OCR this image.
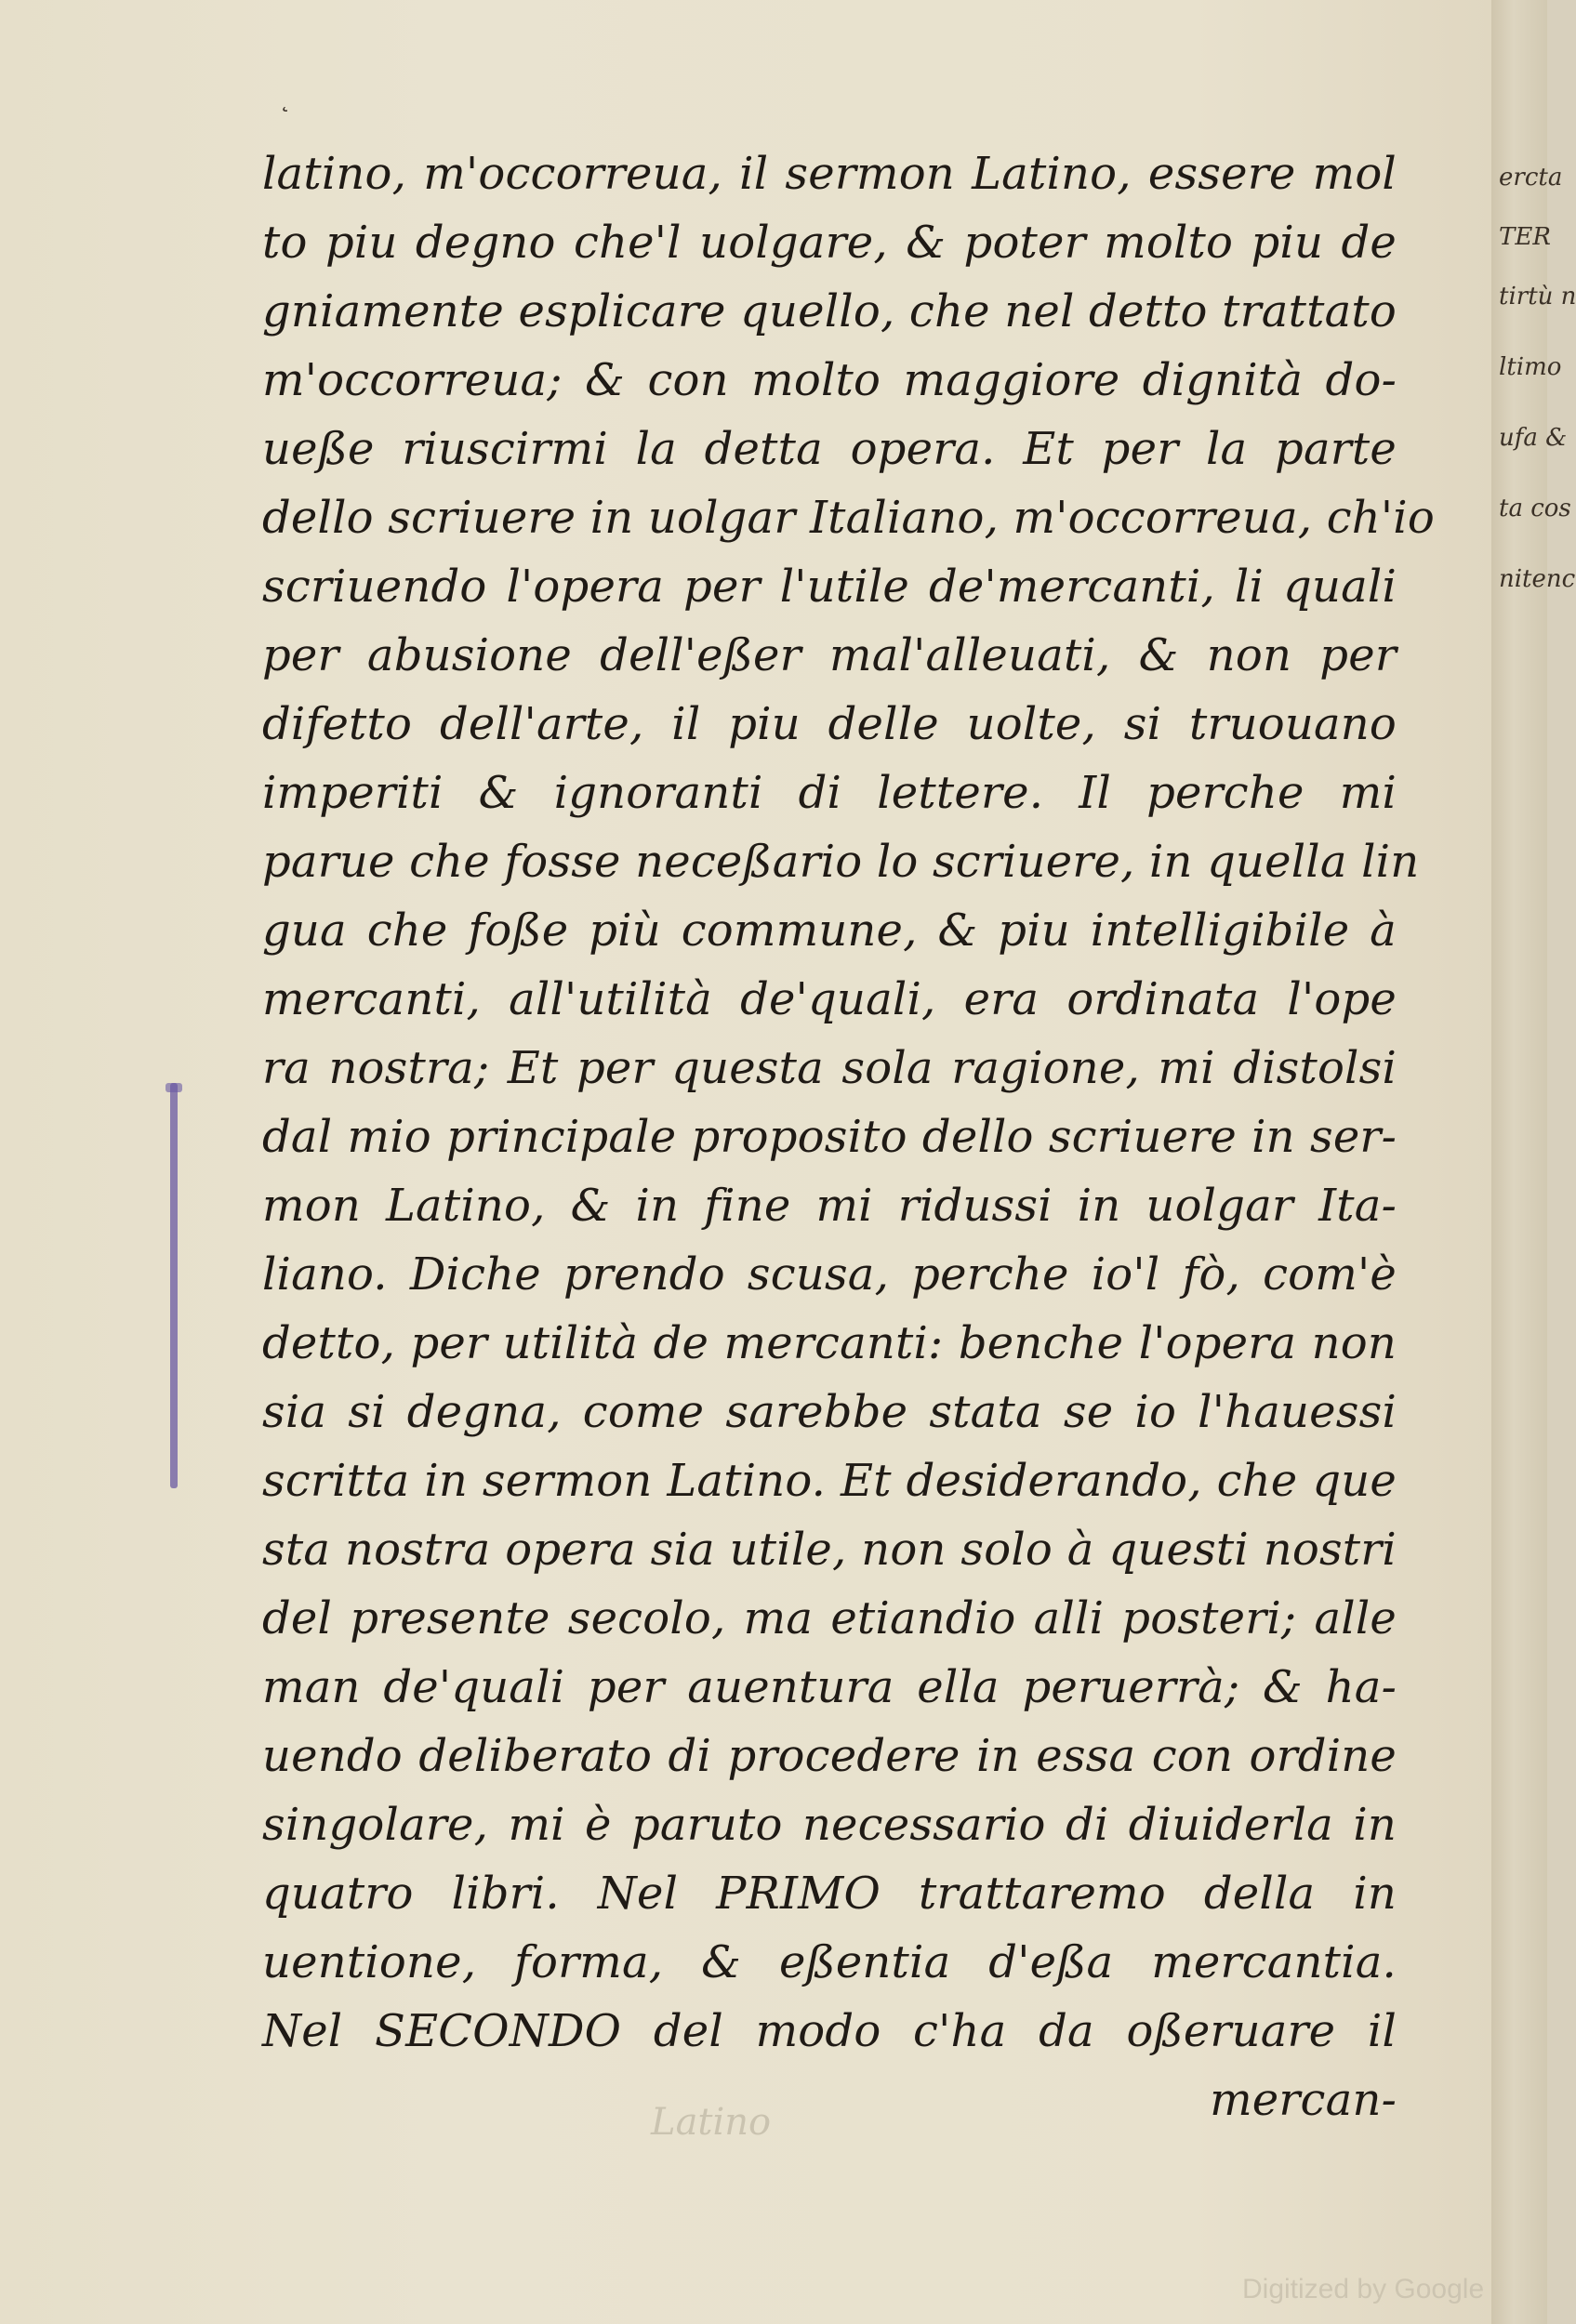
ercta
TER
tirtù n
ltimo
ufa &
ta cos
nitenc
˛
latino, m'occorreua, il sermon Latino, essere mol
to piu degno che'l uolgare, & poter molto piu de
gniamente esplicare quello, che nel detto trattato
m'occorreua; & con molto maggiore dignità do-
ueße riuscirmi la detta opera. Et per la parte
dello scriuere in uolgar Italiano, m'occorreua, ch'io
scriuendo l'opera per l'utile de'mercanti, li quali
per abusione dell'eßer mal'alleuati, & non per
difetto dell'arte, il piu delle uolte, si truouano
imperiti & ignoranti di lettere. Il perche mi
parue che fosse neceßario lo scriuere, in quella lin
gua che foße più commune, & piu intelligibile à
mercanti, all'utilità de'quali, era ordinata l'ope
ra nostra; Et per questa sola ragione, mi distolsi
dal mio principale proposito dello scriuere in ser-
mon Latino, & in fine mi ridussi in uolgar Ita-
liano. Diche prendo scusa, perche io'l fò, com'è
detto, per utilità de mercanti: benche l'opera non
sia si degna, come sarebbe stata se io l'hauessi
scritta in sermon Latino. Et desiderando, che que
sta nostra opera sia utile, non solo à questi nostri
del presente secolo, ma etiandio alli posteri; alle
man de'quali per auentura ella peruerrà; & ha-
uendo deliberato di procedere in essa con ordine
singolare, mi è paruto necessario di diuiderla in
quatro libri. Nel PRIMO trattaremo della in
uentione, forma, & eßentia d'eßa mercantia.
Nel SECONDO del modo c'ha da oßeruare il
mercan-
Latino
Digitized by Google
